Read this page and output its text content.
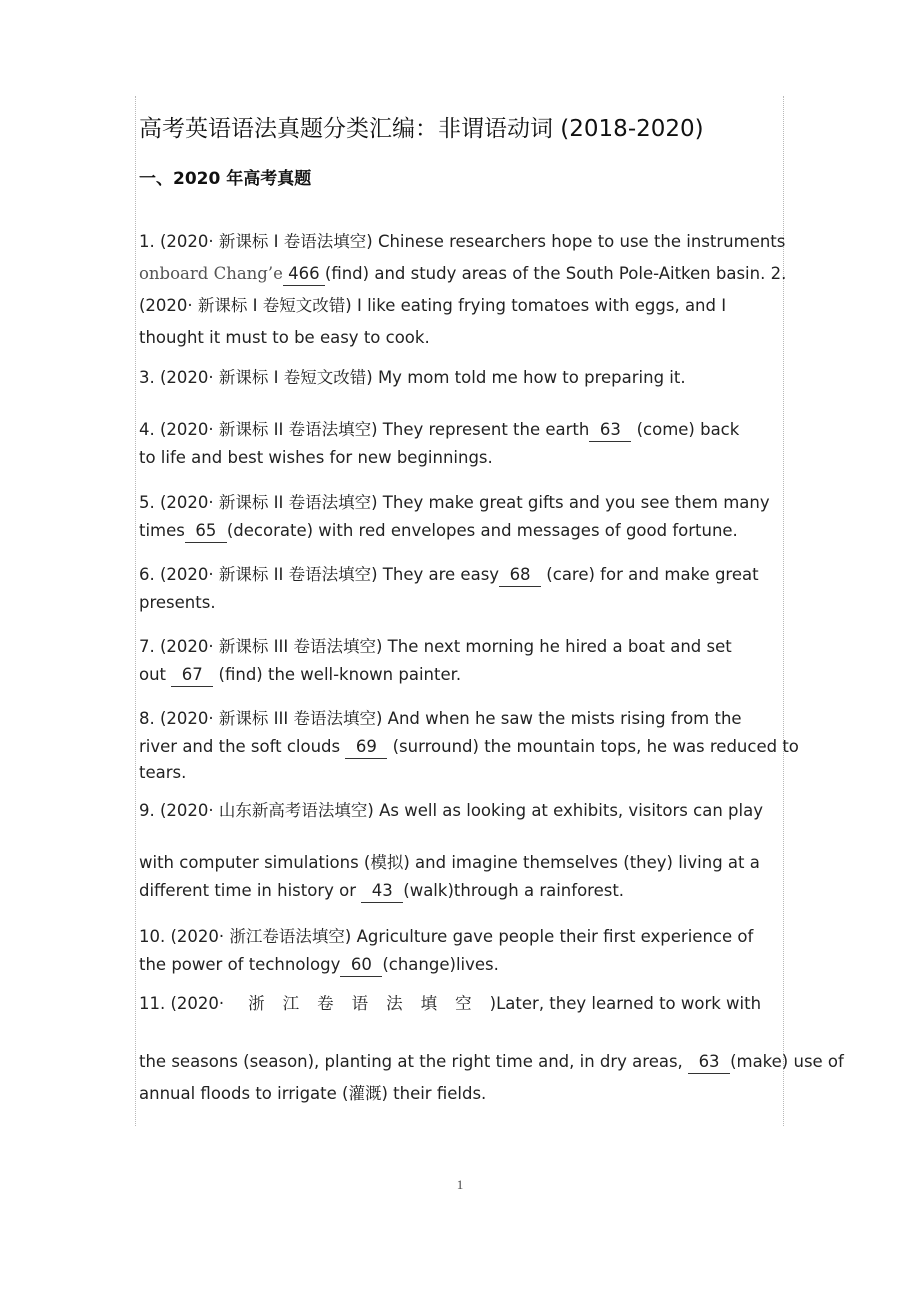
高考英语语法真题分类汇编：非谓语动词 (2018-2020)
一、2020 年高考真题
1. (2020· 新课标 I 卷语法填空) Chinese researchers hope to use the instruments
onboard Chang’e 466 (find) and study areas of the South Pole-Aitken basin. 2.
(2020· 新课标 I 卷短文改错) I like eating frying tomatoes with eggs, and I
thought it must to be easy to cook.
3. (2020· 新课标 I 卷短文改错) My mom told me how to preparing it.
4. (2020· 新课标 II 卷语法填空) They represent the earth 63 (come) back
to life and best wishes for new beginnings.
5. (2020· 新课标 II 卷语法填空) They make great gifts and you see them many
times 65 (decorate) with red envelopes and messages of good fortune.
6. (2020· 新课标 II 卷语法填空) They are easy 68 (care) for and make great
presents.
7. (2020· 新课标 III 卷语法填空) The next morning he hired a boat and set
out 67 (find) the well-known painter.
8. (2020· 新课标 III 卷语法填空) And when he saw the mists rising from the
river and the soft clouds 69 (surround) the mountain tops, he was reduced to
tears.
9. (2020· 山东新高考语法填空) As well as looking at exhibits, visitors can play
with computer simulations (模拟) and imagine themselves (they) living at a
different time in history or 43 (walk)through a rainforest.
10. (2020· 浙江卷语法填空) Agriculture gave people their first experience of
the power of technology 60 (change)lives.
11. (2020· 浙江卷语法填空)Later, they learned to work with
the seasons (season), planting at the right time and, in dry areas, 63 (make) use of
annual floods to irrigate (灌溉) their fields.
1
